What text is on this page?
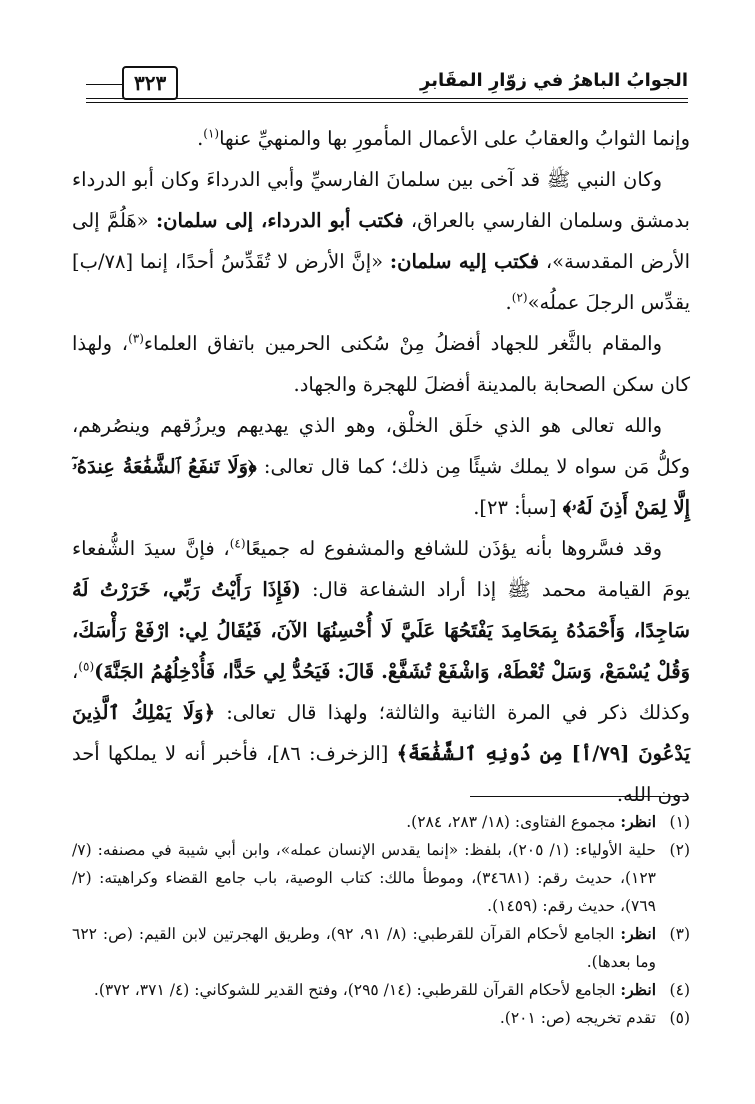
الجوابُ الباهرُ في زوّارِ المقَابرِ
٣٢٣

وإنما الثوابُ والعقابُ على الأعمال المأمورِ بها والمنهيِّ عنها$^{(١)}$.

وكان النبي ﷺ قد آخى بين سلمانَ الفارسيِّ وأبي الدرداءَ وكان أبو الدرداء بدمشق وسلمان الفارسي بالعراق، فكتب أبو الدرداء، إلى سلمان: «هَلُمَّ إلى الأرض المقدسة»، فكتب إليه سلمان: «إنَّ الأرض لا تُقَدِّسُ أحدًا، إنما [٧٨/ب] يقدِّس الرجلَ عملُه»$^{(٢)}$.

والمقام بالثَّغر للجهاد أفضلُ مِنْ سُكنى الحرمين باتفاق العلماء$^{(٣)}$، ولهذا كان سكن الصحابة بالمدينة أفضلَ للهجرة والجهاد.

والله تعالى هو الذي خلَق الخلْق، وهو الذي يهديهم ويرزُقهم وينصُرهم، وكلُّ مَن سواه لا يملك شيئًا مِن ذلك؛ كما قال تعالى: ﴿وَلَا تَنفَعُ ٱلشَّفَٰعَةُ عِندَهُۥٓ إِلَّا لِمَنْ أَذِنَ لَهُۥ﴾ [سبأ: ٢٣].

وقد فسَّروها بأنه يؤذَن للشافع والمشفوع له جميعًا$^{(٤)}$، فإنَّ سيدَ الشُّفعاء يومَ القيامة محمد ﷺ إذا أراد الشفاعة قال: (فَإِذَا رَأَيْتُ رَبِّي، خَرَرْتُ لَهُ سَاجِدًا، وَأَحْمَدُهُ بِمَحَامِدَ يَفْتَحُهَا عَلَيَّ لَا أُحْسِنُهَا الآنَ، فَيُقَالُ لِي: ارْفَعْ رَأْسَكَ، وَقُلْ يُسْمَعْ، وَسَلْ تُعْطَهْ، وَاشْفَعْ تُشَفَّعْ. قَالَ: فَيَحُدُّ لِي حَدًّا، فَأُدْخِلُهُمُ الجَنَّةَ)$^{(٥)}$، وكذلك ذكر في المرة الثانية والثالثة؛ ولهذا قال تعالى: ﴿وَلَا يَمْلِكُ ٱلَّذِينَ يَدْعُونَ [٧٩/أ] مِن دُونِهِ ٱلشَّفَٰعَةَ﴾ [الزخرف: ٨٦]، فأخبر أنه لا يملكها أحد دون الله.

(١)
انظر: مجموع الفتاوى: (١٨/ ٢٨٣، ٢٨٤).
(٢)
حلية الأولياء: (١/ ٢٠٥)، بلفظ: «إنما يقدس الإنسان عمله»، وابن أبي شيبة في مصنفه: (٧/ ١٢٣)، حديث رقم: (٣٤٦٨١)، وموطأ مالك: كتاب الوصية، باب جامع القضاء وكراهيته: (٢/ ٧٦٩)، حديث رقم: (١٤٥٩).
(٣)
انظر: الجامع لأحكام القرآن للقرطبي: (٨/ ٩١، ٩٢)، وطريق الهجرتين لابن القيم: (ص: ٦٢٢ وما بعدها).
(٤)
انظر: الجامع لأحكام القرآن للقرطبي: (١٤/ ٢٩٥)، وفتح القدير للشوكاني: (٤/ ٣٧١، ٣٧٢).
(٥)
تقدم تخريجه (ص: ٢٠١).
